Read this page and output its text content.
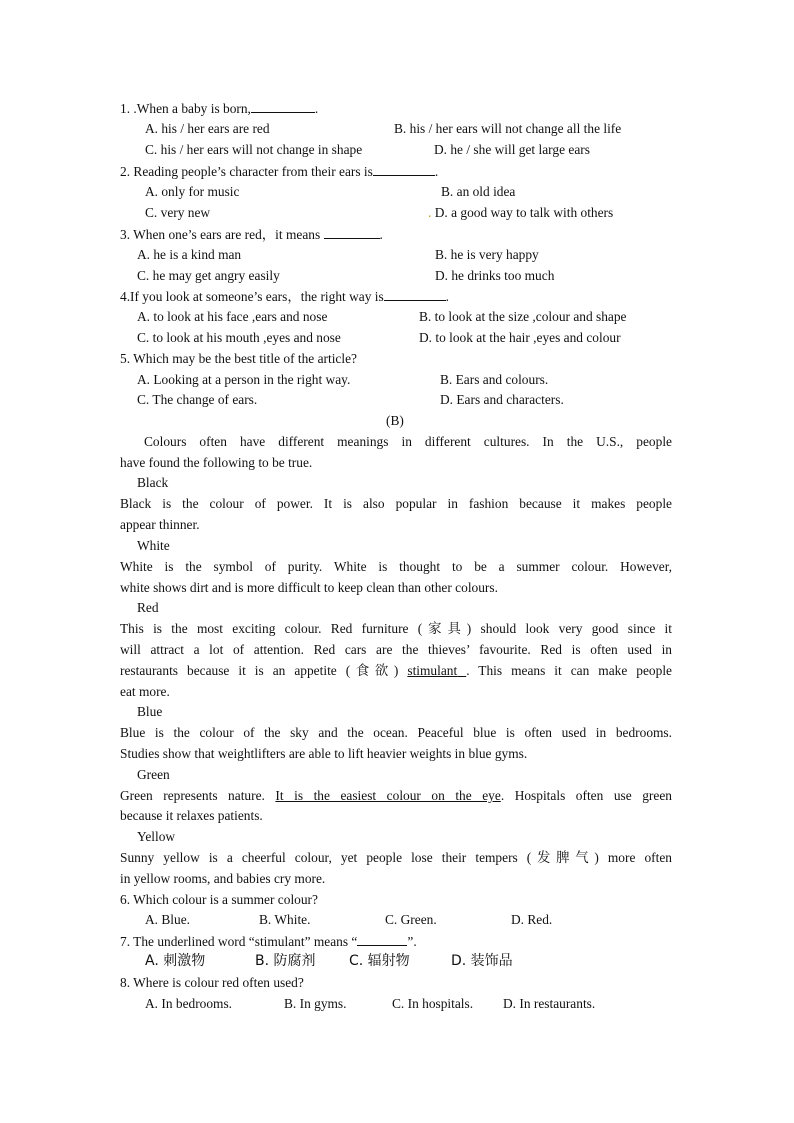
1. .When a baby is born,	.
A. his / her ears are red	B. his / her ears will not change all the life
C. his / her ears will not change in shape	D. he / she will get large ears
2. Reading people’s character from their ears is	.
A. only for music	B. an old idea
C. very new	. D. a good way to talk with others
3. When one’s ears are red，it means	.
A. he is a kind man	B. he is very happy
C. he may get angry easily	D. he drinks too much
4.If you look at someone’s ears，the right way is	.
A. to look at his face ,ears and nose	B. to look at the size ,colour and shape
C. to look at his mouth ,eyes and nose	D. to look at the hair ,eyes and colour
5. Which may be the best title of the article?
A. Looking at a person in the right way.	B. Ears and colours.
C. The change of ears.	D. Ears and characters.
(B)
Colours often have different meanings in different cultures. In the U.S., people
have found the following to be true.
Black
Black is the colour of power. It is also popular in fashion because it makes people
appear thinner.
White
White is the symbol of purity. White is thought to be a summer colour. However,
white shows dirt and is more difficult to keep clean than other colours.
Red
This is the most exciting colour. Red furniture (家具) should look very good since it
will attract a lot of attention. Red cars are the thieves’ favourite. Red is often used in
restaurants because it is an appetite (食欲) stimulant . This means it can make people
eat more.
Blue
Blue is the colour of the sky and the ocean. Peaceful blue is often used in bedrooms.
Studies show that weightlifters are able to lift heavier weights in blue gyms.
Green
Green represents nature. It is the easiest colour on the eye. Hospitals often use green
because it relaxes patients.
Yellow
Sunny yellow is a cheerful colour, yet people lose their tempers (发脾气) more often
in yellow rooms, and babies cry more.
6. Which colour is a summer colour?
A. Blue.	B. White.	C. Green.	D. Red.
7. The underlined word “stimulant” means “	”.
A. 刺激物	B. 防腐剂 C. 辐射物	D. 装饰品
8. Where is colour red often used?
A. In bedrooms.	B. In gyms.	C. In hospitals. D. In restaurants.
